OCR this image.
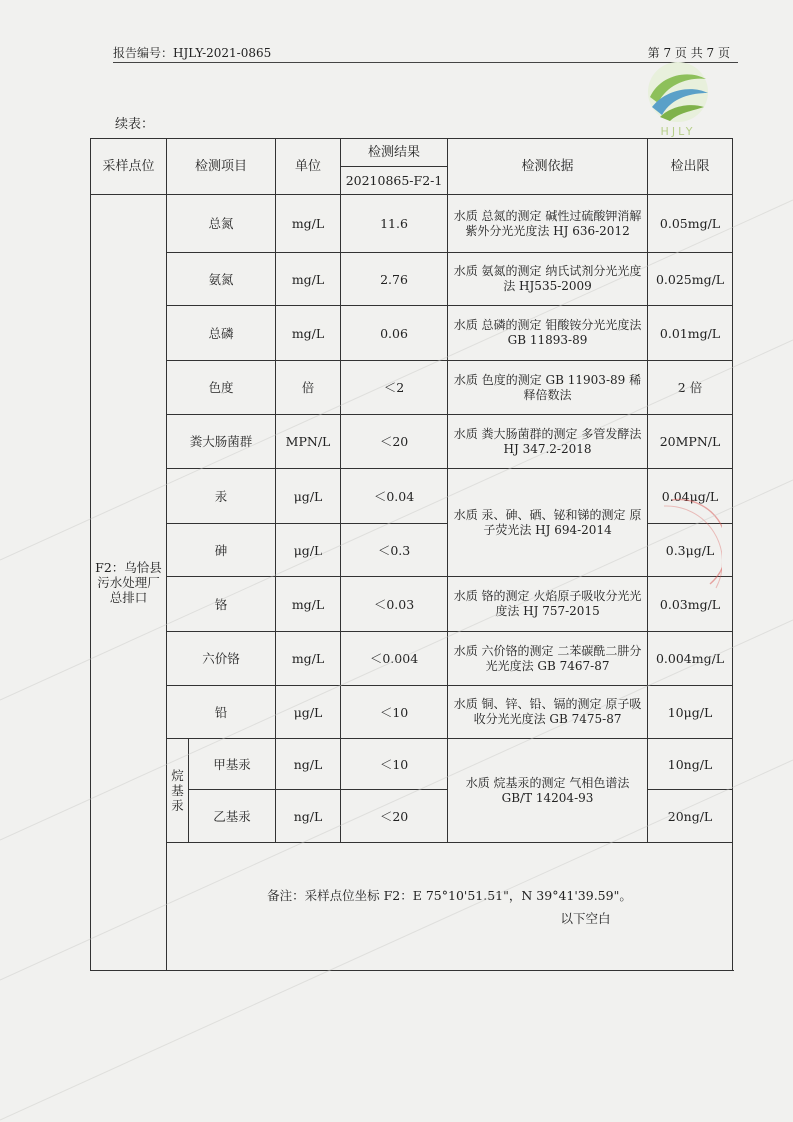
报告编号：HJLY-2021-0865	第 7 页 共 7 页
HJLY
续表：
采样点位	检测项目		单位	检测结果	检测依据	检出限
				20210865-F2-1		
F2：乌恰县污水处理厂总排口	总氮		mg/L	11.6	水质 总氮的测定 碱性过硫酸钾消解 紫外分光光度法 HJ 636-2012	0.05mg/L
	氨氮		mg/L	2.76	水质 氨氮的测定 纳氏试剂分光光度法 HJ535-2009	0.025mg/L
	总磷		mg/L	0.06	水质 总磷的测定 钼酸铵分光光度法 GB 11893-89	0.01mg/L
	色度		倍	＜2	水质 色度的测定 GB 11903-89 稀释倍数法	2 倍
	粪大肠菌群		MPN/L	＜20	水质 粪大肠菌群的测定 多管发酵法 HJ 347.2-2018	20MPN/L
	汞		μg/L	＜0.04	水质 汞、砷、硒、铋和锑的测定 原子荧光法 HJ 694-2014	0.04μg/L
	砷		μg/L	＜0.3		0.3μg/L
	铬		mg/L	＜0.03	水质 铬的测定 火焰原子吸收分光光度法 HJ 757-2015	0.03mg/L
	六价铬		mg/L	＜0.004	水质 六价铬的测定 二苯碳酰二肼分光光度法 GB 7467-87	0.004mg/L
	铅		μg/L	＜10	水质 铜、锌、铅、镉的测定 原子吸收分光光度法 GB 7475-87	10μg/L
	烷基汞	甲基汞	ng/L	＜10	水质 烷基汞的测定 气相色谱法 GB/T 14204-93	10ng/L
		乙基汞	ng/L	＜20		20ng/L

	备注：采样点位坐标 F2：E 75°10'51.51"，N 39°41'39.59"。
以下空白					
